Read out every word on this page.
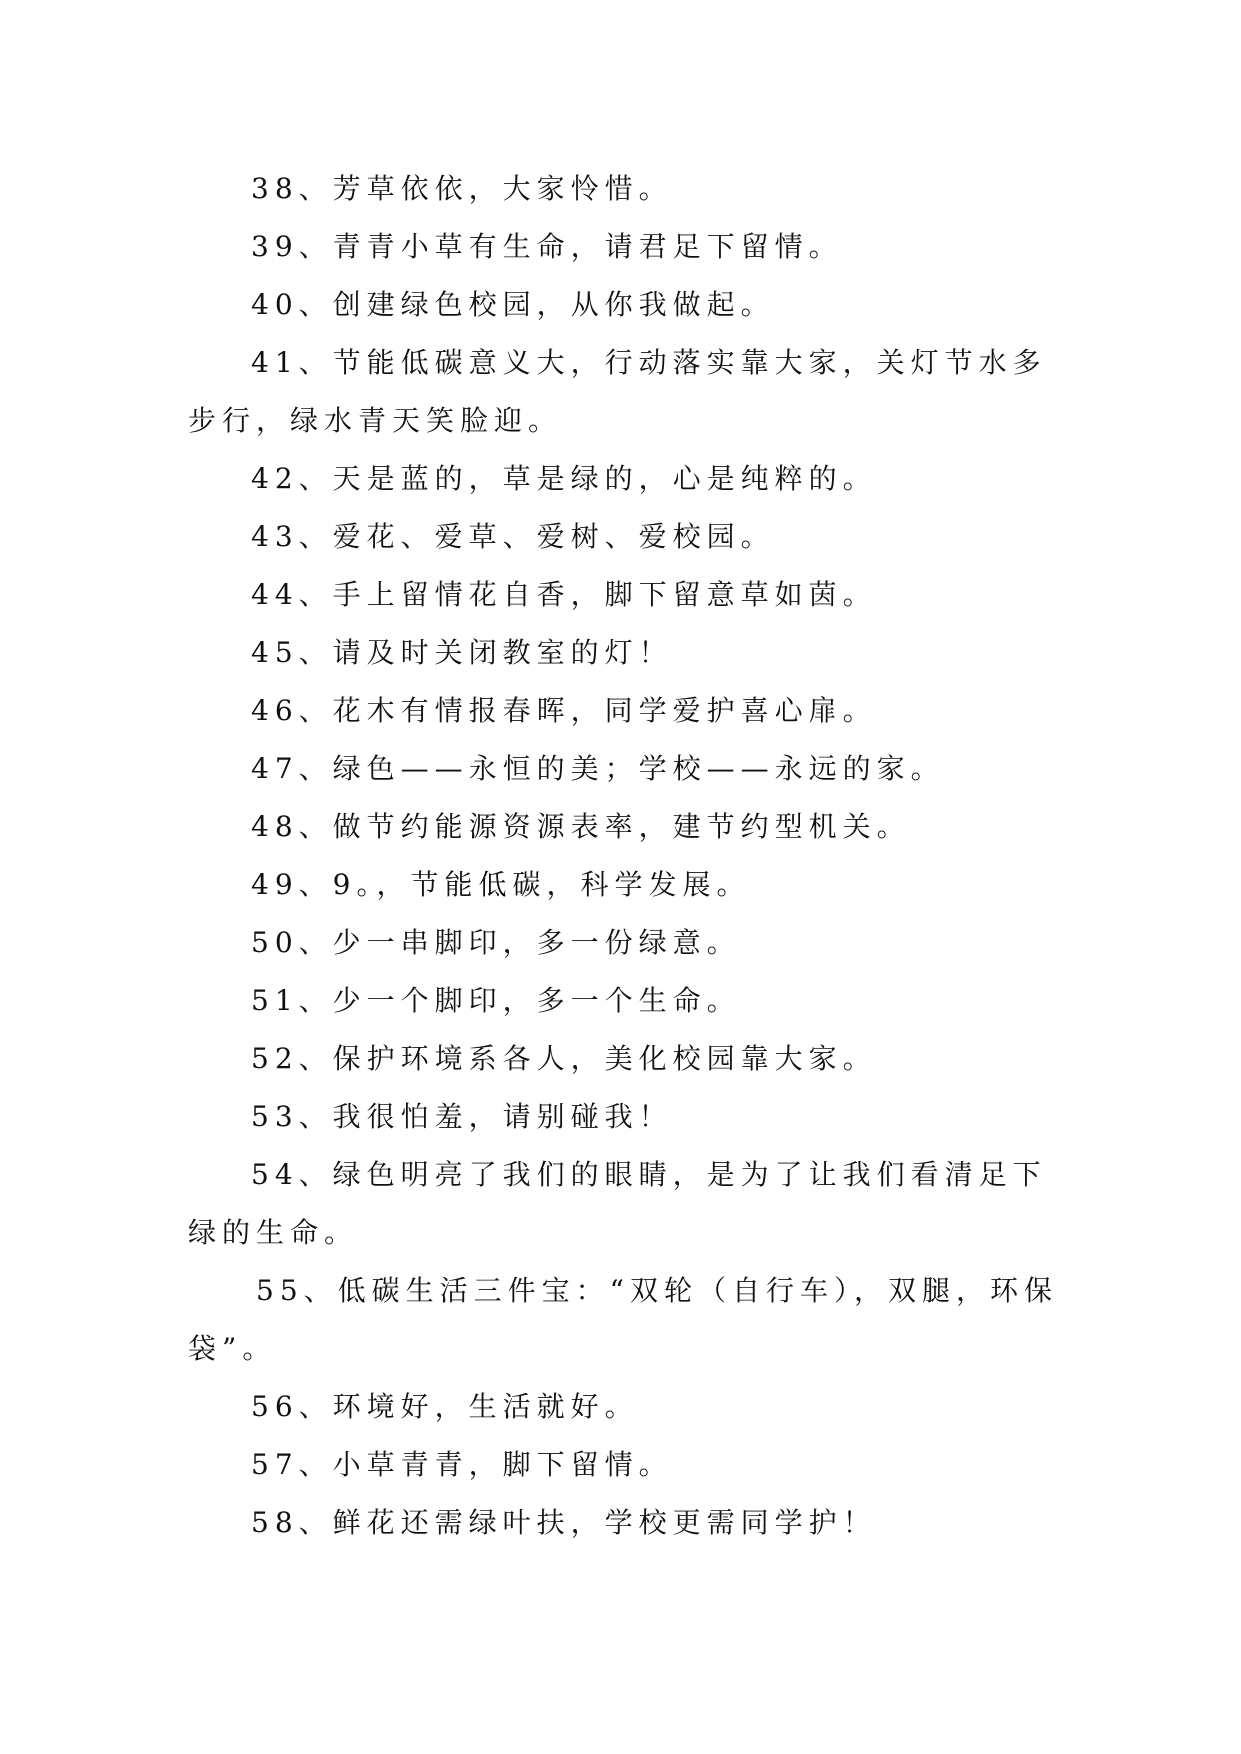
38、芳草依依，大家怜惜。

39、青青小草有生命，请君足下留情。

40、创建绿色校园，从你我做起。

41、节能低碳意义大，行动落实靠大家，关灯节水多步行，绿水青天笑脸迎。

42、天是蓝的，草是绿的，心是纯粹的。

43、爱花、爱草、爱树、爱校园。

44、手上留情花自香，脚下留意草如茵。

45、请及时关闭教室的灯！

46、花木有情报春晖，同学爱护喜心扉。

47、绿色——永恒的美；学校——永远的家。

48、做节约能源资源表率，建节约型机关。

49、9。，节能低碳，科学发展。

50、少一串脚印，多一份绿意。

51、少一个脚印，多一个生命。

52、保护环境系各人，美化校园靠大家。

53、我很怕羞，请别碰我！

54、绿色明亮了我们的眼睛，是为了让我们看清足下绿的生命。

55、低碳生活三件宝：“双轮（自行车），双腿，环保袋”。

56、环境好，生活就好。

57、小草青青，脚下留情。

58、鲜花还需绿叶扶，学校更需同学护！
